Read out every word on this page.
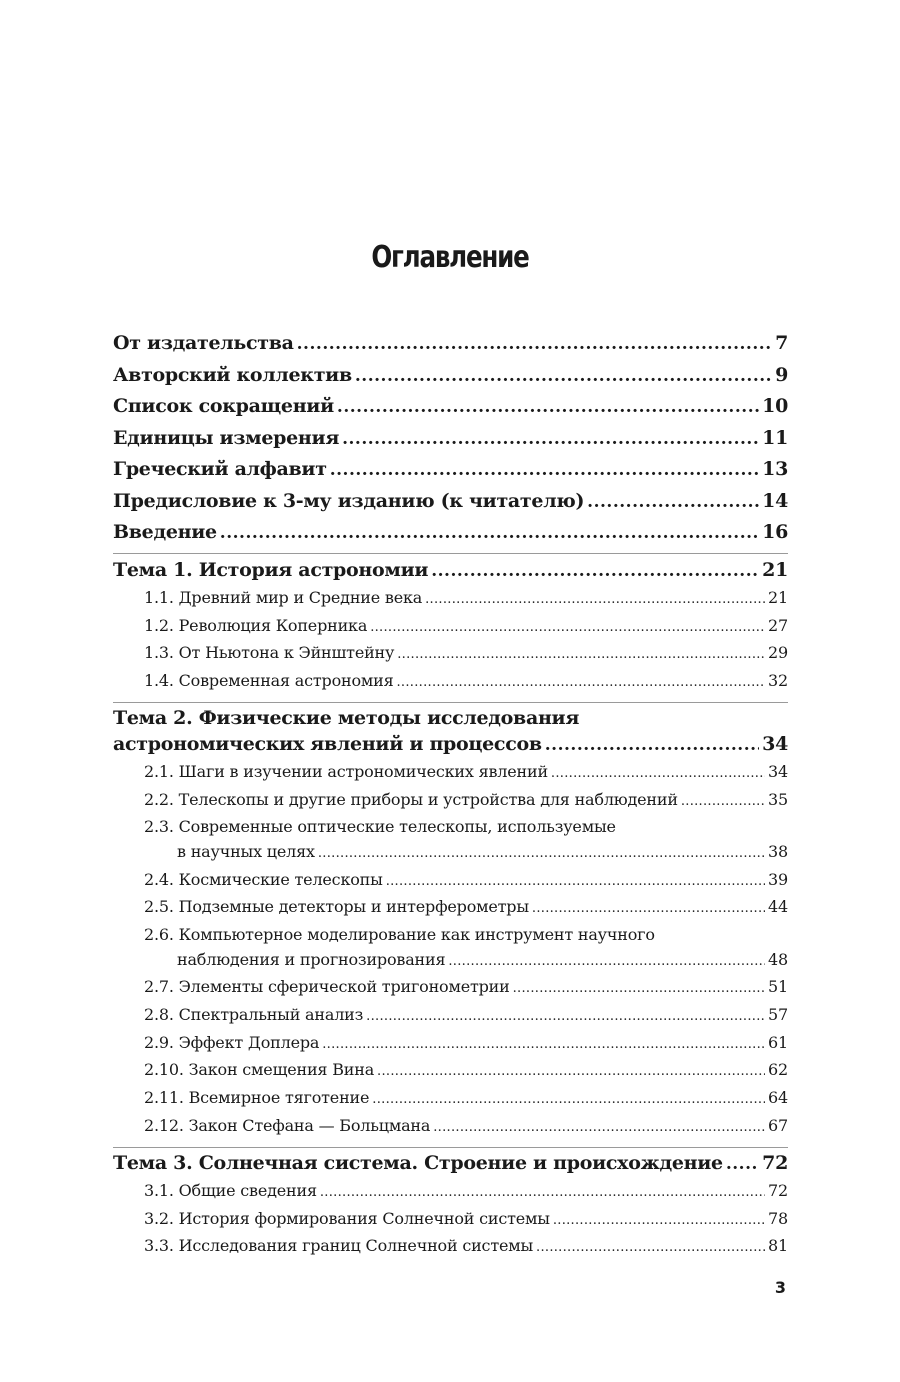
Оглавление
От издательства .....	7
Авторский коллектив .....	9
Список сокращений .....	10
Единицы измерения .....	11
Греческий алфавит .....	13
Предисловие к 3-му изданию (к читателю) .....	14
Введение .....	16
Тема 1. История астрономии .....	21
1.1. Древний мир и Средние века .....	21
1.2. Революция Коперника .....	27
1.3. От Ньютона к Эйнштейну .....	29
1.4. Современная астрономия .....	32
Тема 2. Физические методы исследования
астрономических явлений и процессов .....	34
2.1. Шаги в изучении астрономических явлений .....	34
2.2. Телескопы и другие приборы и устройства для наблюдений .....	35
2.3. Современные оптические телескопы, используемые
в научных целях .....	38
2.4. Космические телескопы .....	39
2.5. Подземные детекторы и интерферометры .....	44
2.6. Компьютерное моделирование как инструмент научного
наблюдения и прогнозирования .....	48
2.7. Элементы сферической тригонометрии .....	51
2.8. Спектральный анализ .....	57
2.9. Эффект Доплера .....	61
2.10. Закон смещения Вина .....	62
2.11. Всемирное тяготение .....	64
2.12. Закон Стефана — Больцмана .....	67
Тема 3. Солнечная система. Строение и происхождение ..... 72
3.1. Общие сведения .....	72
3.2. История формирования Солнечной системы .....	78
3.3. Исследования границ Солнечной системы .....	81
3
